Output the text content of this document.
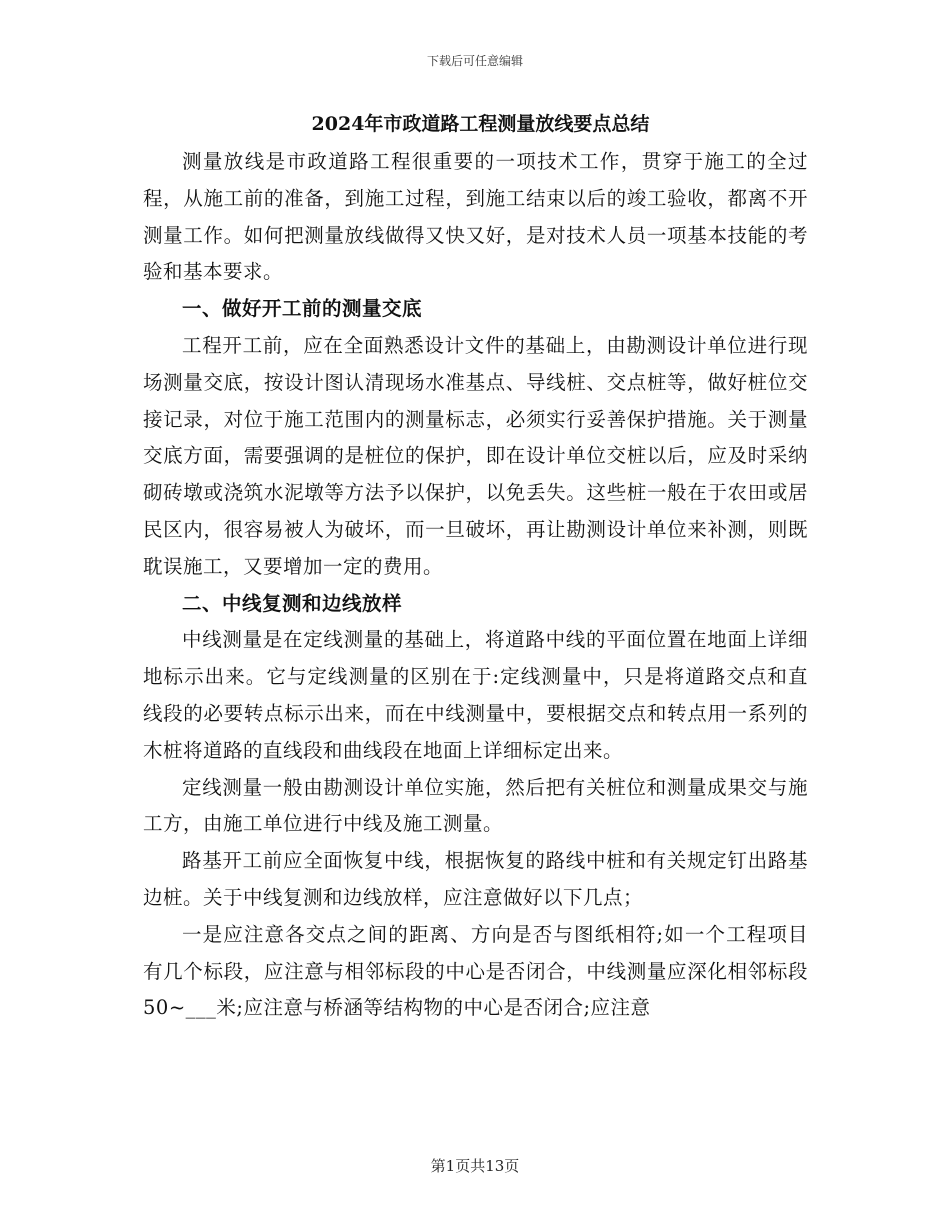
下载后可任意编辑
2024年市政道路工程测量放线要点总结

测量放线是市政道路工程很重要的一项技术工作，贯穿于施工的全过程，从施工前的准备，到施工过程，到施工结束以后的竣工验收，都离不开测量工作。如何把测量放线做得又快又好，是对技术人员一项基本技能的考验和基本要求。

一、做好开工前的测量交底

工程开工前，应在全面熟悉设计文件的基础上，由勘测设计单位进行现场测量交底，按设计图认清现场水准基点、导线桩、交点桩等，做好桩位交接记录，对位于施工范围内的测量标志，必须实行妥善保护措施。关于测量交底方面，需要强调的是桩位的保护，即在设计单位交桩以后，应及时采纳砌砖墩或浇筑水泥墩等方法予以保护，以免丢失。这些桩一般在于农田或居民区内，很容易被人为破坏，而一旦破坏，再让勘测设计单位来补测，则既耽误施工，又要增加一定的费用。

二、中线复测和边线放样

中线测量是在定线测量的基础上，将道路中线的平面位置在地面上详细地标示出来。它与定线测量的区别在于:定线测量中，只是将道路交点和直线段的必要转点标示出来，而在中线测量中，要根据交点和转点用一系列的木桩将道路的直线段和曲线段在地面上详细标定出来。

定线测量一般由勘测设计单位实施，然后把有关桩位和测量成果交与施工方，由施工单位进行中线及施工测量。

路基开工前应全面恢复中线，根据恢复的路线中桩和有关规定钉出路基边桩。关于中线复测和边线放样，应注意做好以下几点；

一是应注意各交点之间的距离、方向是否与图纸相符;如一个工程项目有几个标段，应注意与相邻标段的中心是否闭合，中线测量应深化相邻标段50~___米;应注意与桥涵等结构物的中心是否闭合;应注意

第1页共13页
